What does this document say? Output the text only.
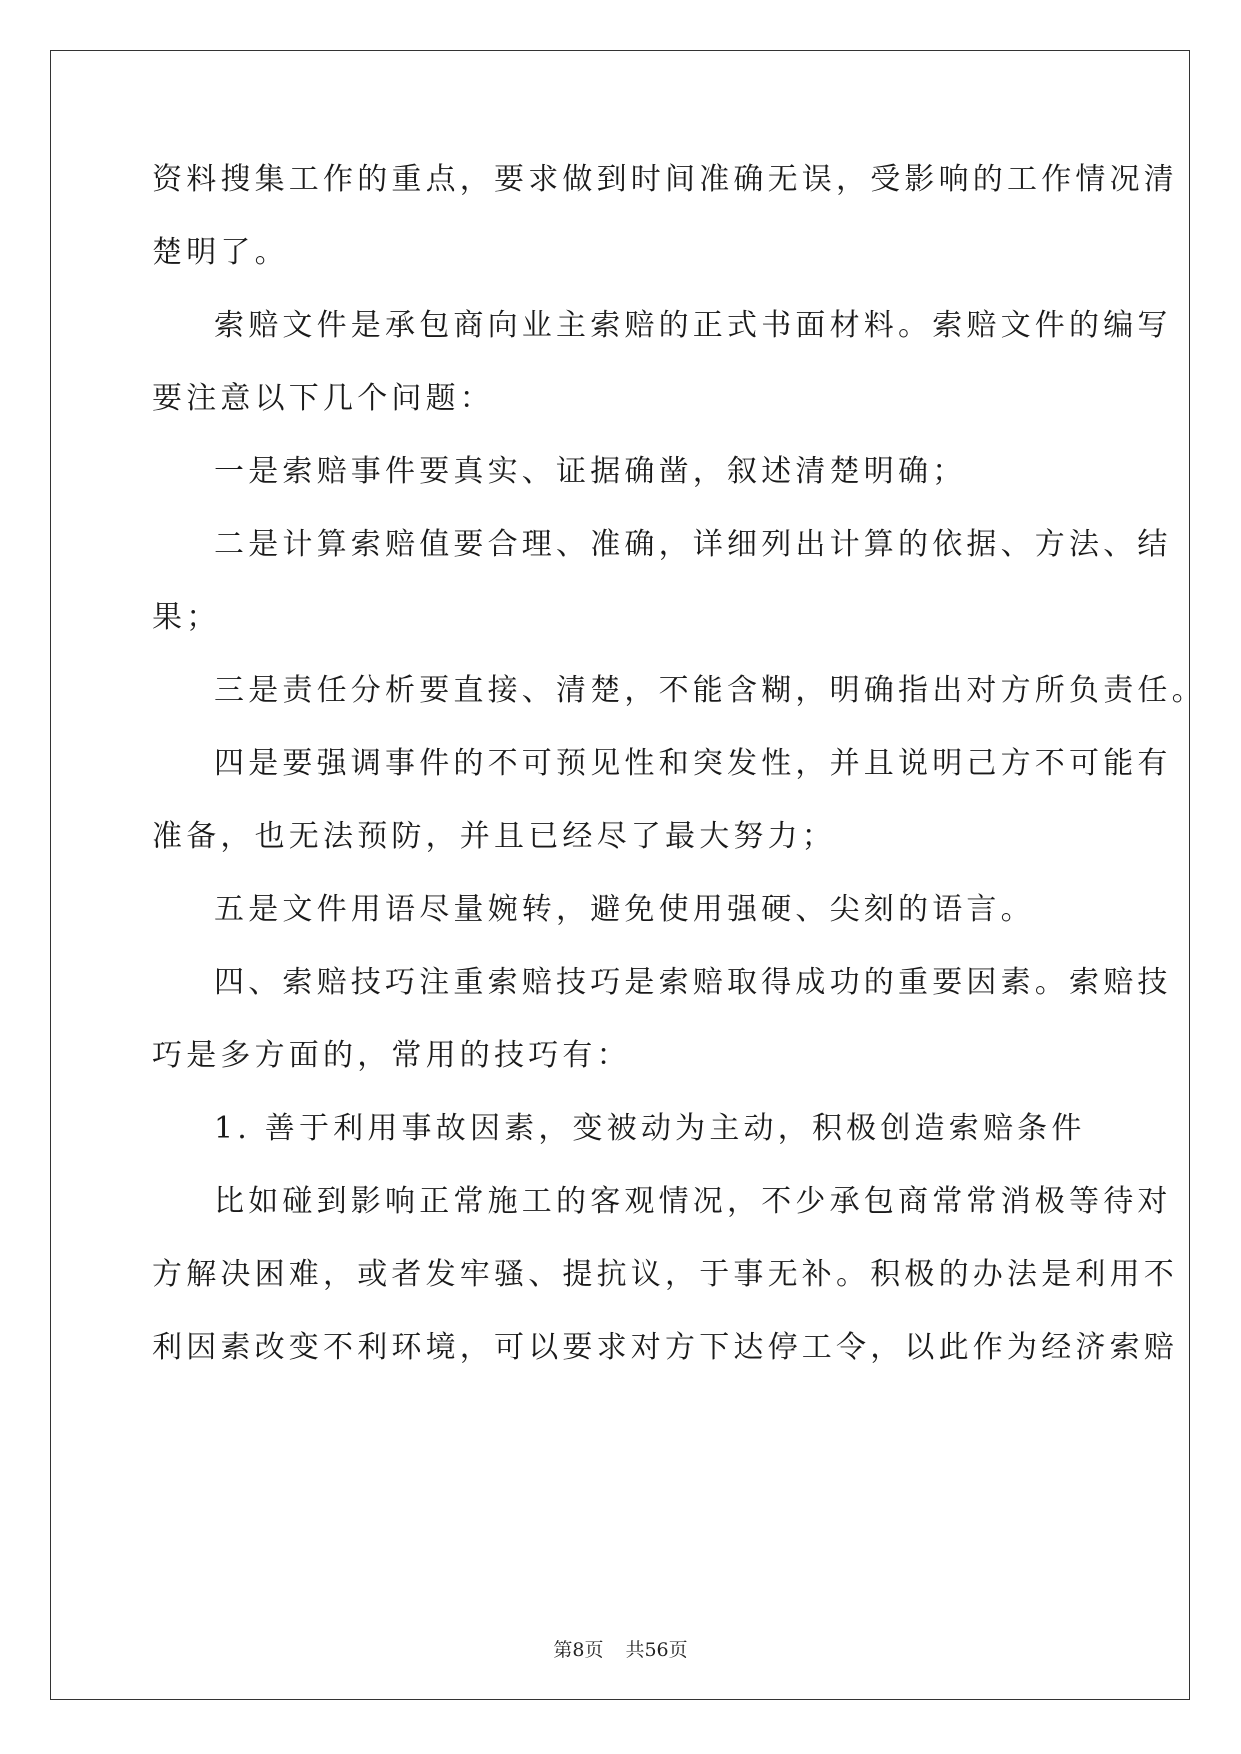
资料搜集工作的重点，要求做到时间准确无误，受影响的工作情况清
楚明了。
索赔文件是承包商向业主索赔的正式书面材料。索赔文件的编写
要注意以下几个问题：
一是索赔事件要真实、证据确凿，叙述清楚明确；
二是计算索赔值要合理、准确，详细列出计算的依据、方法、结
果；
三是责任分析要直接、清楚，不能含糊，明确指出对方所负责任。
四是要强调事件的不可预见性和突发性，并且说明己方不可能有
准备，也无法预防，并且已经尽了最大努力；
五是文件用语尽量婉转，避免使用强硬、尖刻的语言。
四、索赔技巧注重索赔技巧是索赔取得成功的重要因素。索赔技
巧是多方面的，常用的技巧有：
1. 善于利用事故因素，变被动为主动，积极创造索赔条件
比如碰到影响正常施工的客观情况，不少承包商常常消极等待对
方解决困难，或者发牢骚、提抗议，于事无补。积极的办法是利用不
利因素改变不利环境，可以要求对方下达停工令，以此作为经济索赔
第8页 共56页
